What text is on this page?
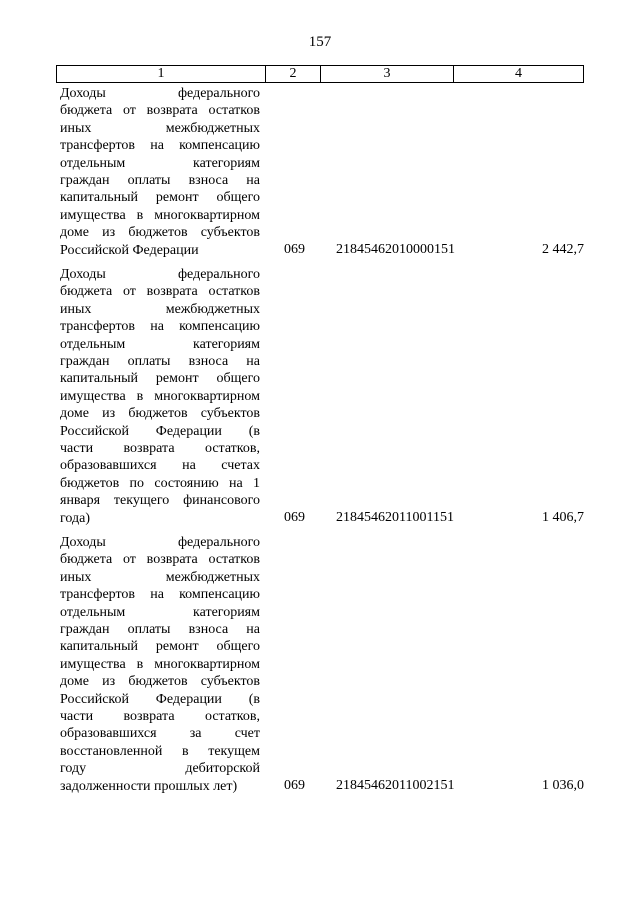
157
1	2	3	4
Доходы федерального
бюджета от возврата остатков
иных межбюджетных
трансфертов на компенсацию
отдельным категориям
граждан оплаты взноса на
капитальный ремонт общего
имущества в многоквартирном
доме из бюджетов субъектов
Российской Федерации	069	21845462010000151	2 442,7
Доходы федерального
бюджета от возврата остатков
иных межбюджетных
трансфертов на компенсацию
отдельным категориям
граждан оплаты взноса на
капитальный ремонт общего
имущества в многоквартирном
доме из бюджетов субъектов
Российской Федерации (в
части возврата остатков,
образовавшихся на счетах
бюджетов по состоянию на 1
января текущего финансового
года)	069	21845462011001151	1 406,7
Доходы федерального
бюджета от возврата остатков
иных межбюджетных
трансфертов на компенсацию
отдельным категориям
граждан оплаты взноса на
капитальный ремонт общего
имущества в многоквартирном
доме из бюджетов субъектов
Российской Федерации (в
части возврата остатков,
образовавшихся за счет
восстановленной в текущем
году дебиторской
задолженности прошлых лет)	069	21845462011002151	1 036,0
